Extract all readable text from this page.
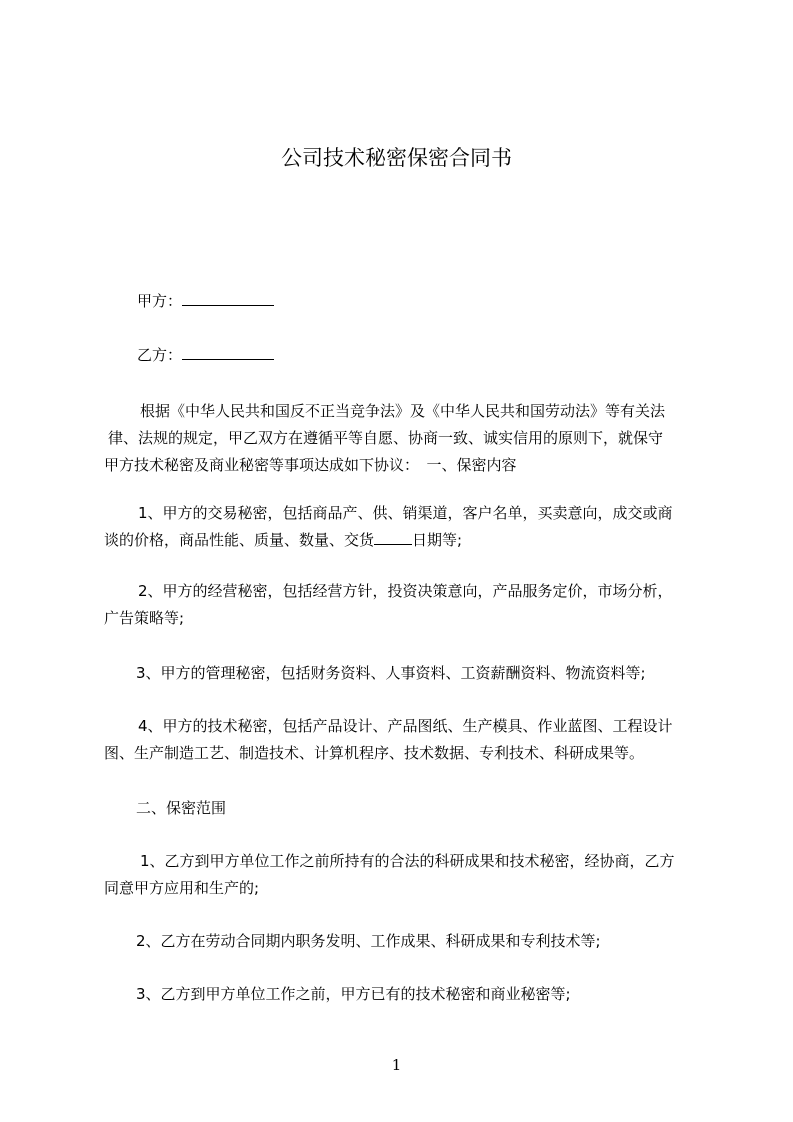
公司技术秘密保密合同书
甲方：
乙方：
根据《中华人民共和国反不正当竞争法》及《中华人民共和国劳动法》等有关法
律、法规的规定，甲乙双方在遵循平等自愿、协商一致、诚实信用的原则下，就保守
甲方技术秘密及商业秘密等事项达成如下协议：　一、保密内容
1、甲方的交易秘密，包括商品产、供、销渠道，客户名单，买卖意向，成交或商
谈的价格，商品性能、质量、数量、交货	日期等;
2、甲方的经营秘密，包括经营方针，投资决策意向，产品服务定价，市场分析，
广告策略等;
3、甲方的管理秘密，包括财务资料、人事资料、工资薪酬资料、物流资料等;
4、甲方的技术秘密，包括产品设计、产品图纸、生产模具、作业蓝图、工程设计
图、生产制造工艺、制造技术、计算机程序、技术数据、专利技术、科研成果等。
二、保密范围
1、乙方到甲方单位工作之前所持有的合法的科研成果和技术秘密，经协商，乙方
同意甲方应用和生产的;
2、乙方在劳动合同期内职务发明、工作成果、科研成果和专利技术等;
3、乙方到甲方单位工作之前，甲方已有的技术秘密和商业秘密等;
1
